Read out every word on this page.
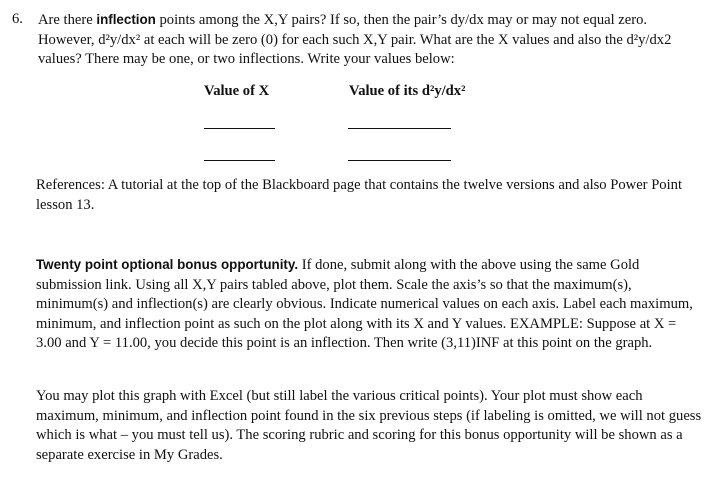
6. Are there inflection points among the X,Y pairs? If so, then the pair’s dy/dx may or may not equal zero. However, d²y/dx² at each will be zero (0) for each such X,Y pair. What are the X values and also the d²y/dx2 values? There may be one, or two inflections. Write your values below:

Value of X	Value of its d²y/dx²

References: A tutorial at the top of the Blackboard page that contains the twelve versions and also Power Point lesson 13.

Twenty point optional bonus opportunity. If done, submit along with the above using the same Gold submission link. Using all X,Y pairs tabled above, plot them. Scale the axis’s so that the maximum(s), minimum(s) and inflection(s) are clearly obvious. Indicate numerical values on each axis. Label each maximum, minimum, and inflection point as such on the plot along with its X and Y values. EXAMPLE: Suppose at X = 3.00 and Y = 11.00, you decide this point is an inflection. Then write (3,11)INF at this point on the graph.

You may plot this graph with Excel (but still label the various critical points). Your plot must show each maximum, minimum, and inflection point found in the six previous steps (if labeling is omitted, we will not guess which is what – you must tell us). The scoring rubric and scoring for this bonus opportunity will be shown as a separate exercise in My Grades.
